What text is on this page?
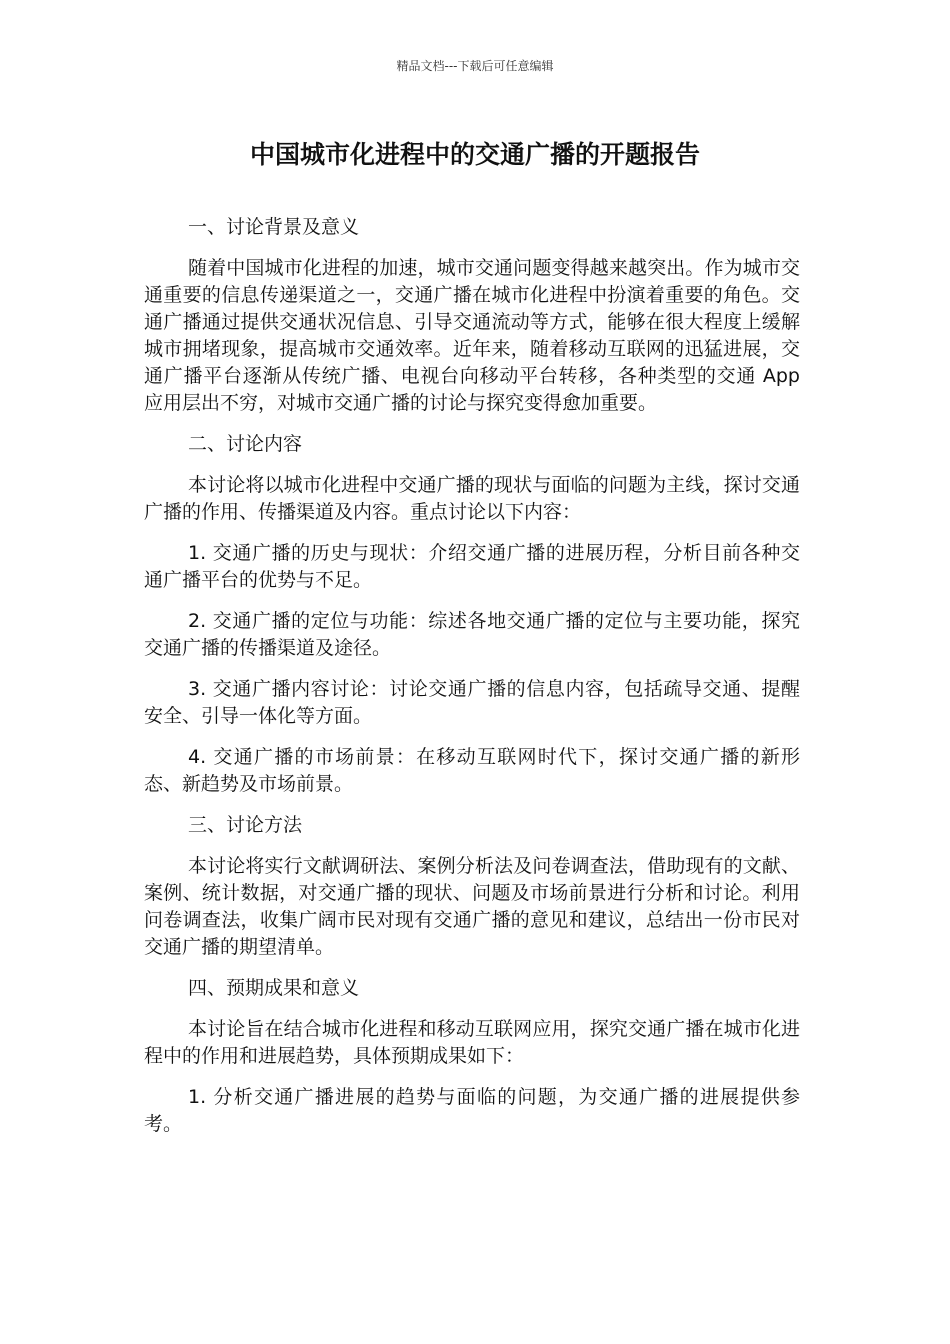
精品文档---下载后可任意编辑
中国城市化进程中的交通广播的开题报告

一、讨论背景及意义

随着中国城市化进程的加速，城市交通问题变得越来越突出。作为城市交通重要的信息传递渠道之一，交通广播在城市化进程中扮演着重要的角色。交通广播通过提供交通状况信息、引导交通流动等方式，能够在很大程度上缓解城市拥堵现象，提高城市交通效率。近年来，随着移动互联网的迅猛进展，交通广播平台逐渐从传统广播、电视台向移动平台转移，各种类型的交通 App 应用层出不穷，对城市交通广播的讨论与探究变得愈加重要。

二、讨论内容

本讨论将以城市化进程中交通广播的现状与面临的问题为主线，探讨交通广播的作用、传播渠道及内容。重点讨论以下内容：

1. 交通广播的历史与现状：介绍交通广播的进展历程，分析目前各种交通广播平台的优势与不足。

2. 交通广播的定位与功能：综述各地交通广播的定位与主要功能，探究交通广播的传播渠道及途径。

3. 交通广播内容讨论：讨论交通广播的信息内容，包括疏导交通、提醒安全、引导一体化等方面。

4. 交通广播的市场前景：在移动互联网时代下，探讨交通广播的新形态、新趋势及市场前景。

三、讨论方法

本讨论将实行文献调研法、案例分析法及问卷调查法，借助现有的文献、案例、统计数据，对交通广播的现状、问题及市场前景进行分析和讨论。利用问卷调查法，收集广阔市民对现有交通广播的意见和建议，总结出一份市民对交通广播的期望清单。

四、预期成果和意义

本讨论旨在结合城市化进程和移动互联网应用，探究交通广播在城市化进程中的作用和进展趋势，具体预期成果如下：

1. 分析交通广播进展的趋势与面临的问题，为交通广播的进展提供参考。
